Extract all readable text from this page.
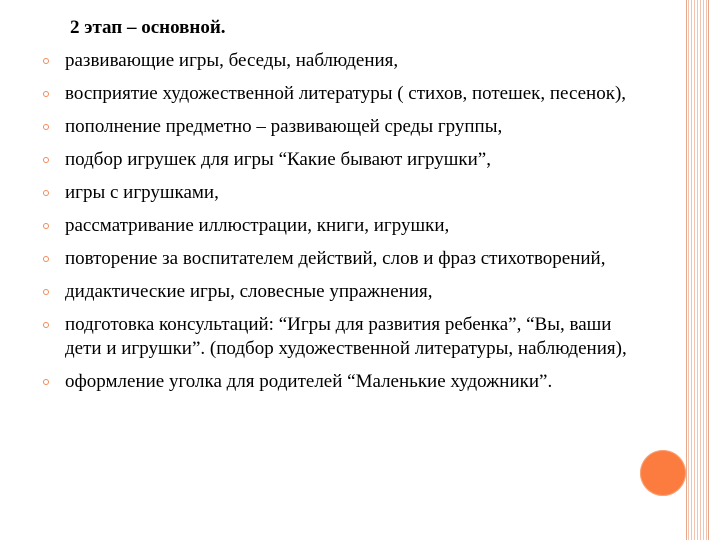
2 этап – основной.
развивающие игры, беседы, наблюдения,
восприятие художественной литературы ( стихов, потешек, песенок),
пополнение предметно – развивающей среды группы,
подбор игрушек для игры “Какие бывают игрушки”,
игры с игрушками,
рассматривание иллюстрации, книги, игрушки,
повторение за воспитателем действий, слов и фраз стихотворений,
дидактические игры, словесные упражнения,
подготовка консультаций: “Игры для развития ребенка”, “Вы, ваши дети и игрушки”. (подбор художественной литературы, наблюдения),
оформление уголка для родителей “Маленькие художники”.
